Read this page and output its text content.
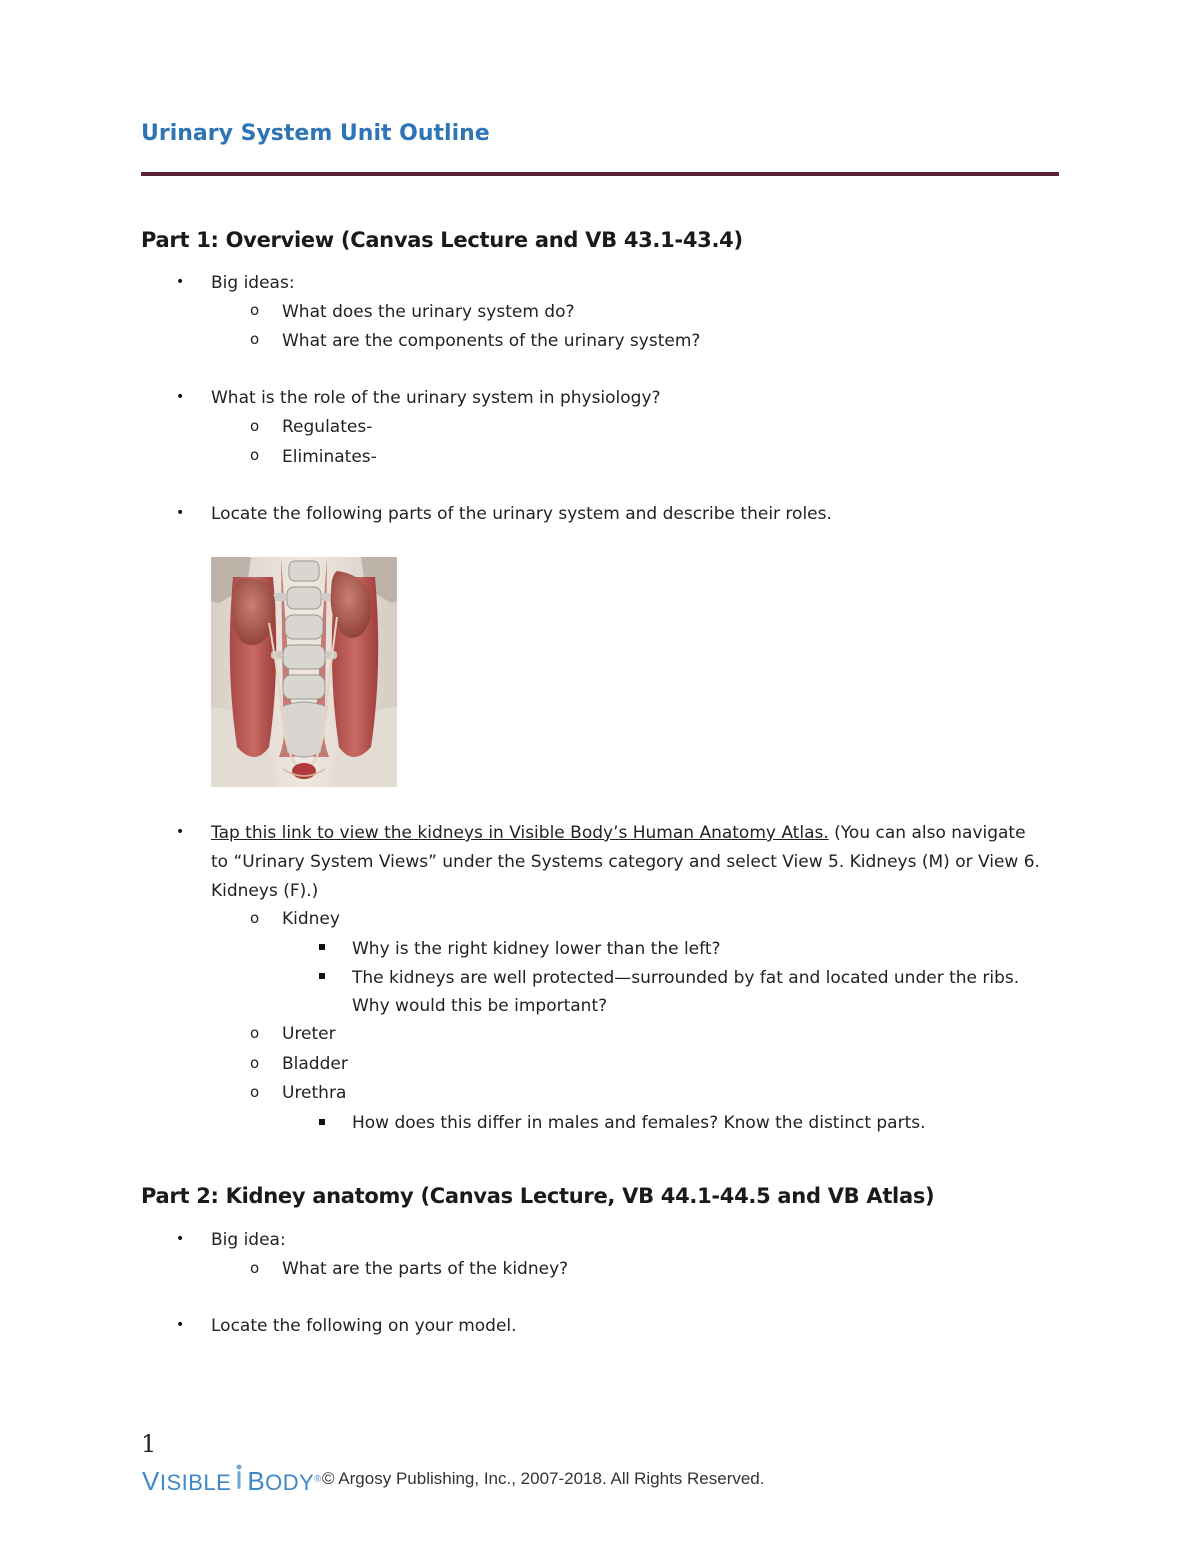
Urinary System Unit Outline
Part 1: Overview (Canvas Lecture and VB 43.1-43.4)
• Big ideas:
o What does the urinary system do?
o What are the components of the urinary system?
• What is the role of the urinary system in physiology?
o Regulates-
o Eliminates-
• Locate the following parts of the urinary system and describe their roles.
• Tap this link to view the kidneys in Visible Body’s Human Anatomy Atlas. (You can also navigate
to “Urinary System Views” under the Systems category and select View 5. Kidneys (M) or View 6.
Kidneys (F).)
o Kidney
Why is the right kidney lower than the left?
The kidneys are well protected—surrounded by fat and located under the ribs.
Why would this be important?
o Ureter
o Bladder
o Urethra
How does this differ in males and females? Know the distinct parts.
Part 2: Kidney anatomy (Canvas Lecture, VB 44.1-44.5 and VB Atlas)
• Big idea:
o What are the parts of the kidney?
• Locate the following on your model.
1
VISIBLE BODY® © Argosy Publishing, Inc., 2007-2018. All Rights Reserved.
